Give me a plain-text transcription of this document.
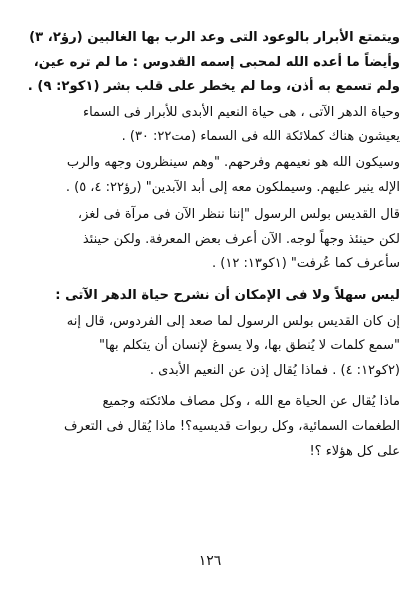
ويتمتع الأبرار بالوعود التى وعد الرب بها الغالبين (رؤ٢، ٣)
وأيضاً ما أعده الله لمحبى إسمه القدوس : ما لم تره عين،
ولم تسمع به أذن، وما لم يخطر على قلب بشر (١كو٢: ٩) .
وحياة الدهر الآتى ، هى حياة النعيم الأبدى للأبرار فى السماء
يعيشون هناك كملائكة الله فى السماء (مت٢٢: ٣٠) .
وسيكون الله هو نعيمهم وفرحهم. "وهم سينظرون وجهه والرب
الإله ينير عليهم. وسيملكون معه إلى أبد الآبدين" (رؤ٢٢: ٤، ٥) .
قال القديس بولس الرسول "إننا ننظر الآن فى مرآة فى لغز،
لكن حينئذ وجهاً لوجه. الآن أعرف بعض المعرفة. ولكن حينئذ
سأعرف كما عُرفت" (١كو١٣: ١٢) .
ليس سهلاً ولا فى الإمكان أن نشرح حياة الدهر الآتى :
إن كان القديس بولس الرسول لما صعد إلى الفردوس، قال إنه
"سمع كلمات لا يُنطق بها، ولا يسوغ لإنسان أن يتكلم بها"
(٢كو١٢: ٤) . فماذا يُقال إذن عن النعيم الأبدى .
ماذا يُقال عن الحياة مع الله ، وكل مصاف ملائكته وجميع
الطغمات السمائية، وكل ربوات قديسيه؟! ماذا يُقال فى التعرف
على كل هؤلاء ؟!
١٢٦
